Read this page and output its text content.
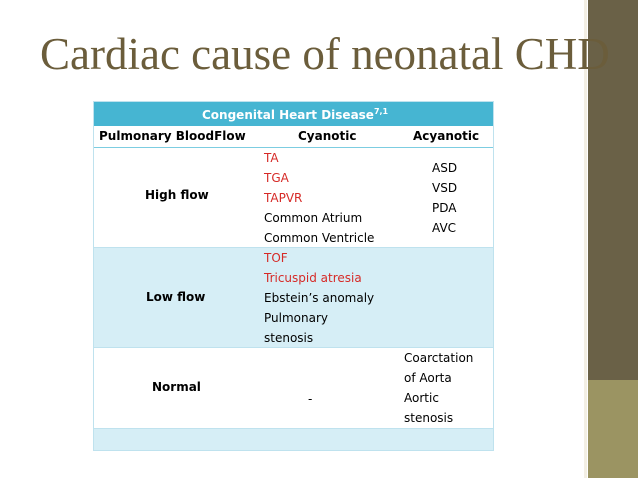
Cardiac cause of neonatal CHD
Congenital Heart Disease$^{7,1}$
Pulmonary BloodFlow	Cyanotic	Acyanotic
High flow
TA
TGA
TAPVR
Common Atrium
Common Ventricle
ASD
VSD
PDA
AVC
Low flow
TOF
Tricuspid atresia
Ebstein’s anomaly
Pulmonary
stenosis
Normal
-
Coarctation
of Aorta
Aortic
stenosis
